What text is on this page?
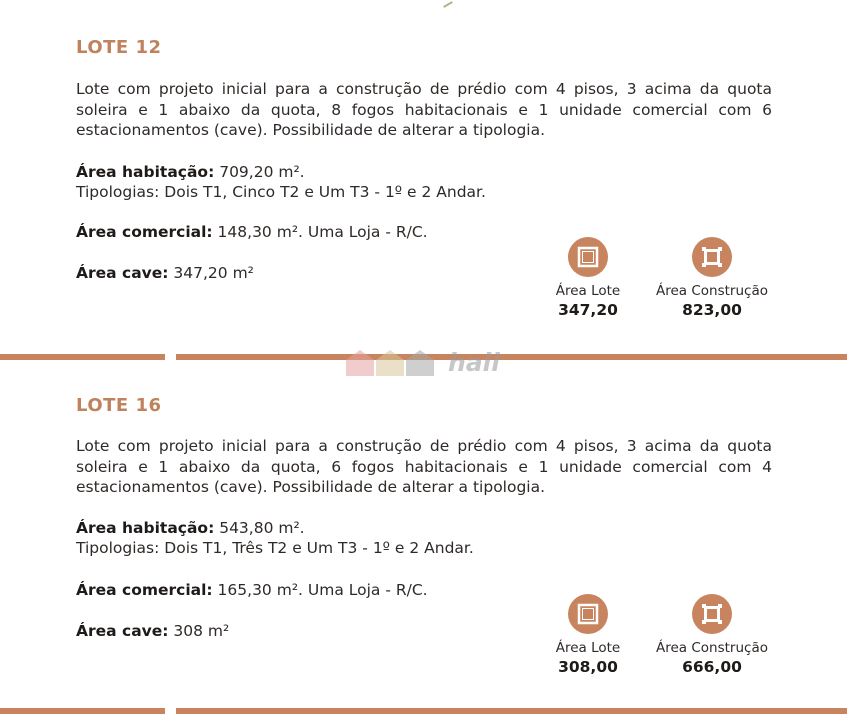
LOTE 12
Lote com projeto inicial para a construção de prédio com 4 pisos, 3 acima da quota soleira e 1 abaixo da quota, 8 fogos habitacionais e 1 unidade comercial com 6 estacionamentos (cave). Possibilidade de alterar a tipologia.
Área habitação: 709,20 m².
Tipologias: Dois T1, Cinco T2 e Um T3 - 1º e 2 Andar.
Área comercial: 148,30 m². Uma Loja - R/C.
Área cave: 347,20 m²
Área Lote
347,20
Área Construção
823,00
hall
LOTE 16
Lote com projeto inicial para a construção de prédio com 4 pisos, 3 acima da quota soleira e 1 abaixo da quota, 6 fogos habitacionais e 1 unidade comercial com 4 estacionamentos (cave). Possibilidade de alterar a tipologia.
Área habitação: 543,80 m².
Tipologias: Dois T1, Três T2 e Um T3 - 1º e 2 Andar.
Área comercial: 165,30 m². Uma Loja - R/C.
Área cave: 308 m²
Área Lote
308,00
Área Construção
666,00
